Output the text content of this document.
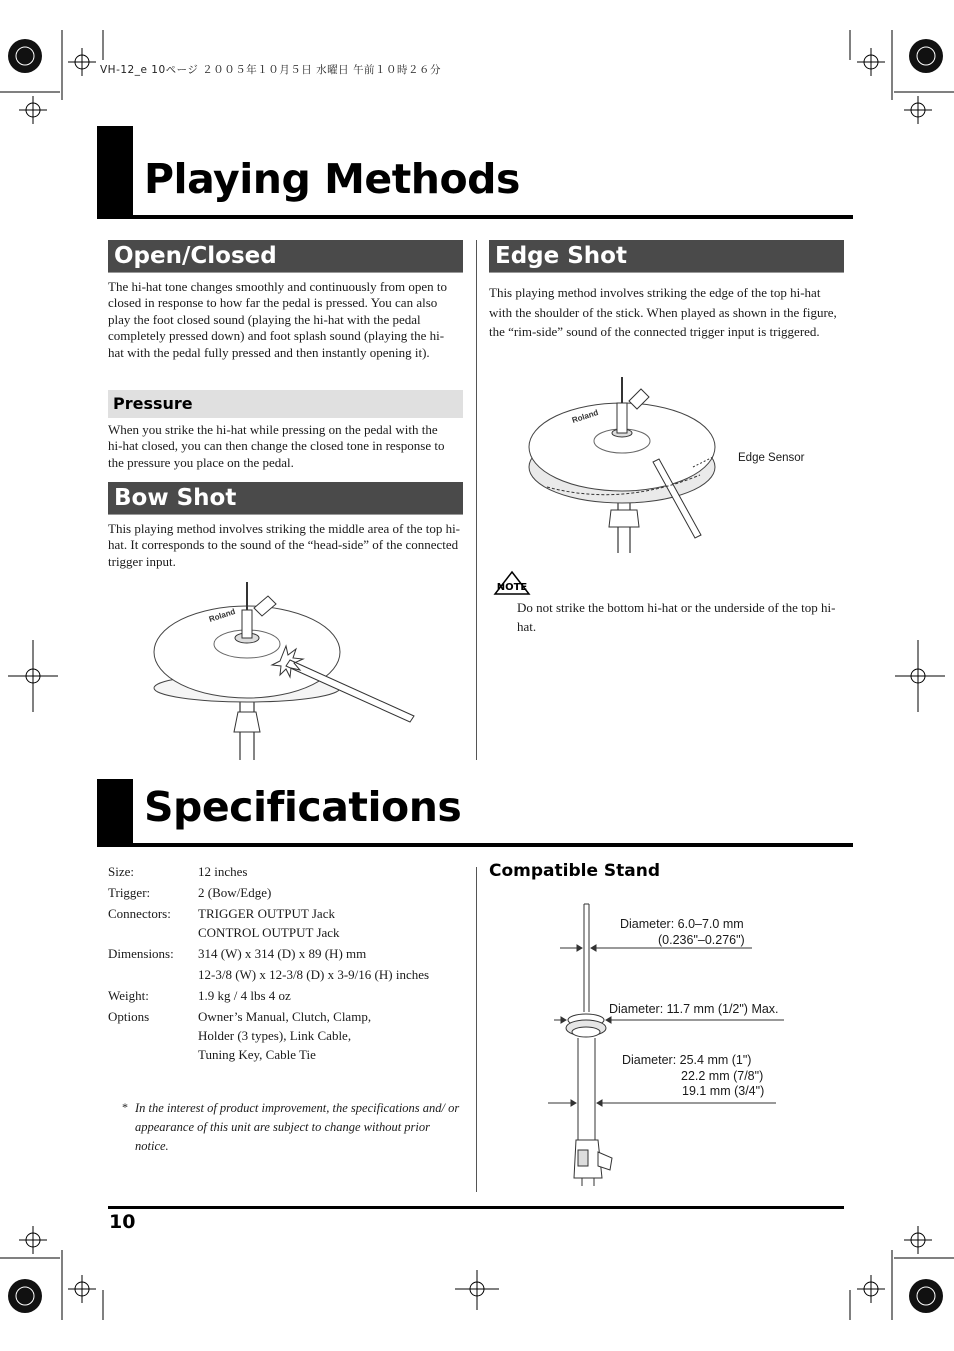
VH-12_e 10ページ ２００５年１０月５日 水曜日 午前１０時２６分
Playing Methods
Open/Closed
The hi-hat tone changes smoothly and continuously from open to closed in response to how far the pedal is pressed. You can also play the foot closed sound (playing the hi-hat with the pedal completely pressed down) and foot splash sound (playing the hi-hat with the pedal fully pressed and then instantly opening it).
Pressure
When you strike the hi-hat while pressing on the pedal with the hi-hat closed, you can then change the closed tone in response to the pressure you place on the pedal.
Bow Shot
This playing method involves striking the middle area of the top hi-hat. It corresponds to the sound of the “head-side” of the connected trigger input.
Roland
Edge Shot
This playing method involves striking the edge of the top hi-hat with the shoulder of the stick. When played as shown in the figure, the “rim-side” sound of the connected trigger input is triggered.
Roland
Edge Sensor
NOTE
Do not strike the bottom hi-hat or the underside of the top hi-hat.
Specifications
Size:	12 inches
Trigger:	2 (Bow/Edge)
Connectors: TRIGGER OUTPUT Jack
CONTROL OUTPUT Jack
Dimensions: 314 (W) x 314 (D) x 89 (H) mm
12-3/8 (W) x 12-3/8 (D) x 3-9/16 (H) inches
Weight:	1.9 kg / 4 lbs 4 oz
Options	Owner’s Manual, Clutch, Clamp,
Holder (3 types), Link Cable,
Tuning Key, Cable Tie
* In the interest of product improvement, the specifications and/ or appearance of this unit are subject to change without prior notice.
Compatible Stand
Diameter: 6.0–7.0 mm
(0.236"–0.276")
Diameter: 11.7 mm (1/2") Max.
Diameter: 25.4 mm (1")
22.2 mm (7/8")
19.1 mm (3/4")
10
